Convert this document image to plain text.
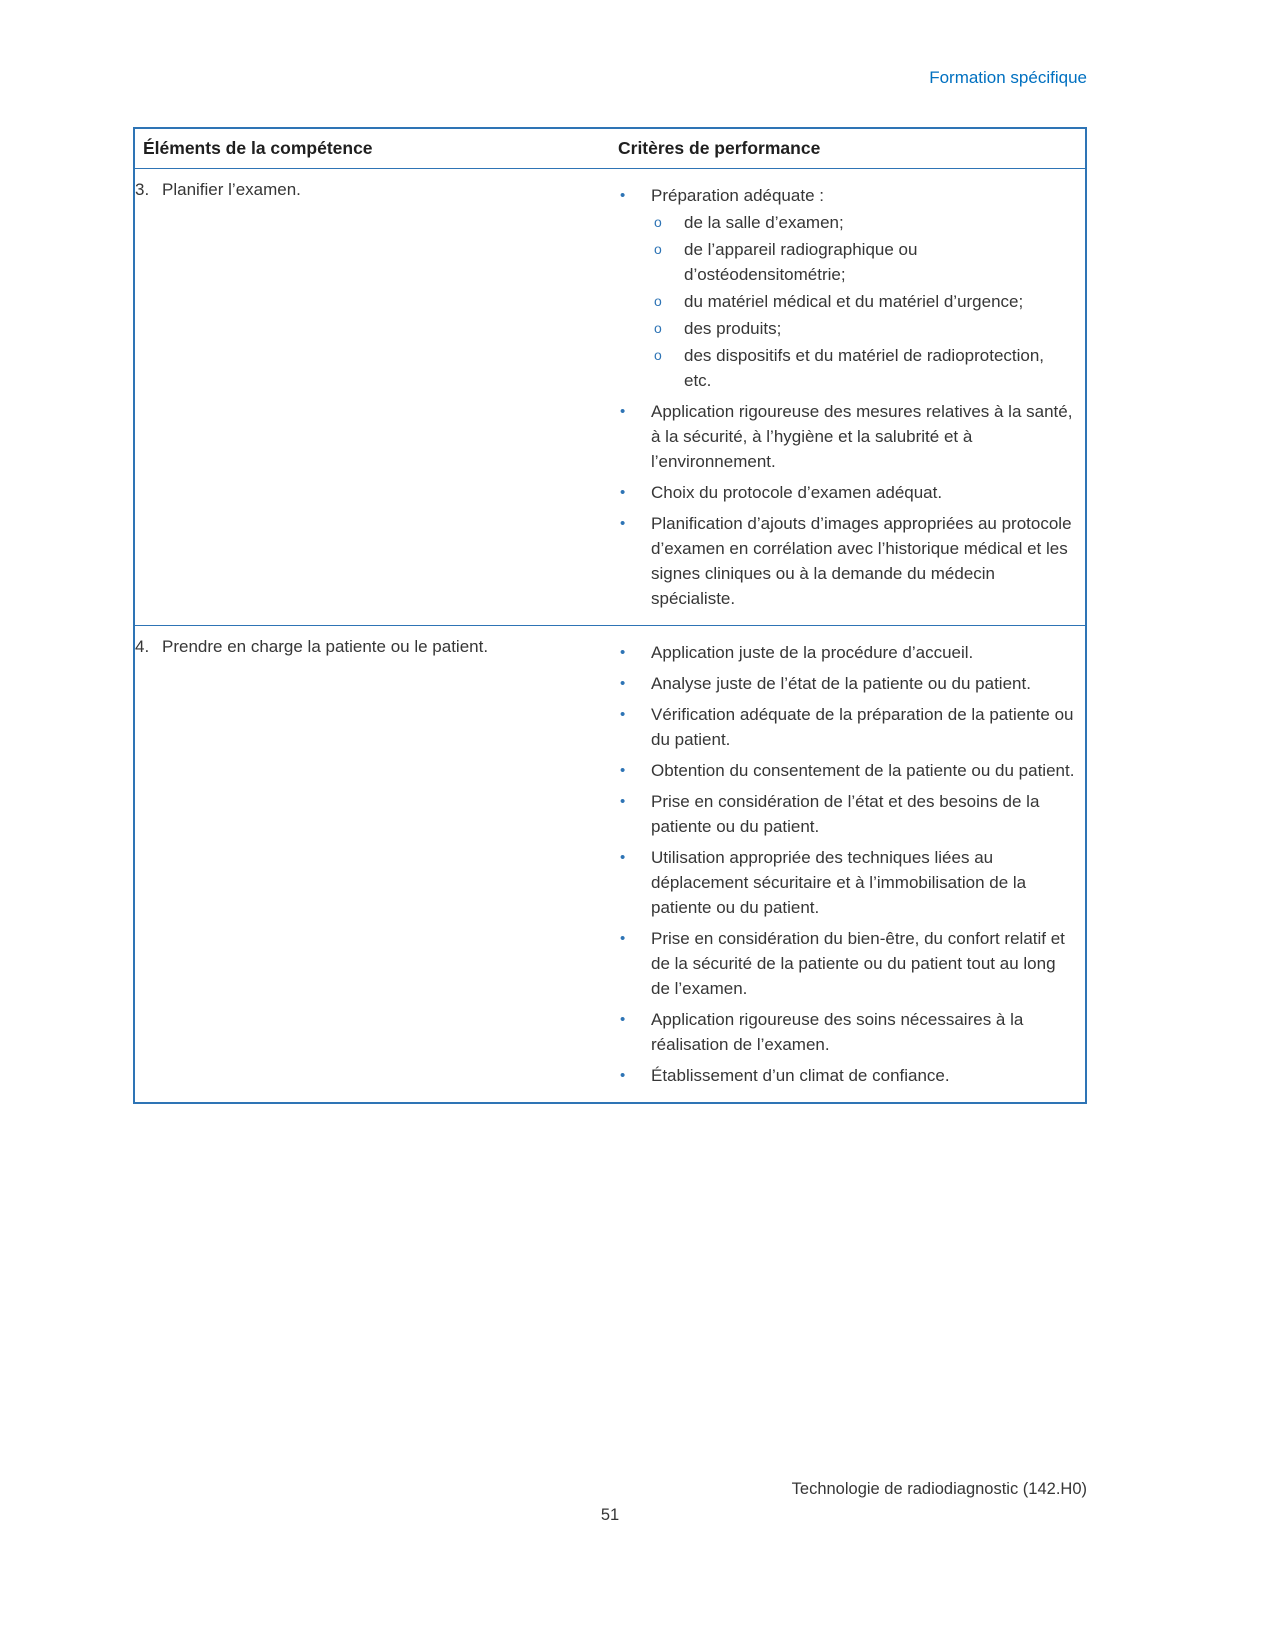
Formation spécifique
Éléments de la compétence	Critères de performance
3. Planifier l’examen.	•	Préparation adéquate :
o	de la salle d’examen;
o	de l’appareil radiographique ou d’ostéodensitométrie;
o	du matériel médical et du matériel d’urgence;
o	des produits;
o	des dispositifs et du matériel de radioprotection, etc.
•	Application rigoureuse des mesures relatives à la santé, à la sécurité, à l’hygiène et la salubrité et à l’environnement.
•	Choix du protocole d’examen adéquat.
•	Planification d’ajouts d’images appropriées au protocole d’examen en corrélation avec l’historique médical et les signes cliniques ou à la demande du médecin spécialiste.

4. Prendre en charge la patiente ou le patient.	•	Application juste de la procédure d’accueil.
•	Analyse juste de l’état de la patiente ou du patient.
•	Vérification adéquate de la préparation de la patiente ou du patient.
•	Obtention du consentement de la patiente ou du patient.
•	Prise en considération de l’état et des besoins de la patiente ou du patient.
•	Utilisation appropriée des techniques liées au déplacement sécuritaire et à l’immobilisation de la patiente ou du patient.
•	Prise en considération du bien-être, du confort relatif et de la sécurité de la patiente ou du patient tout au long de l’examen.
•	Application rigoureuse des soins nécessaires à la réalisation de l’examen.
•	Établissement d’un climat de confiance.
Technologie de radiodiagnostic (142.H0)
51
